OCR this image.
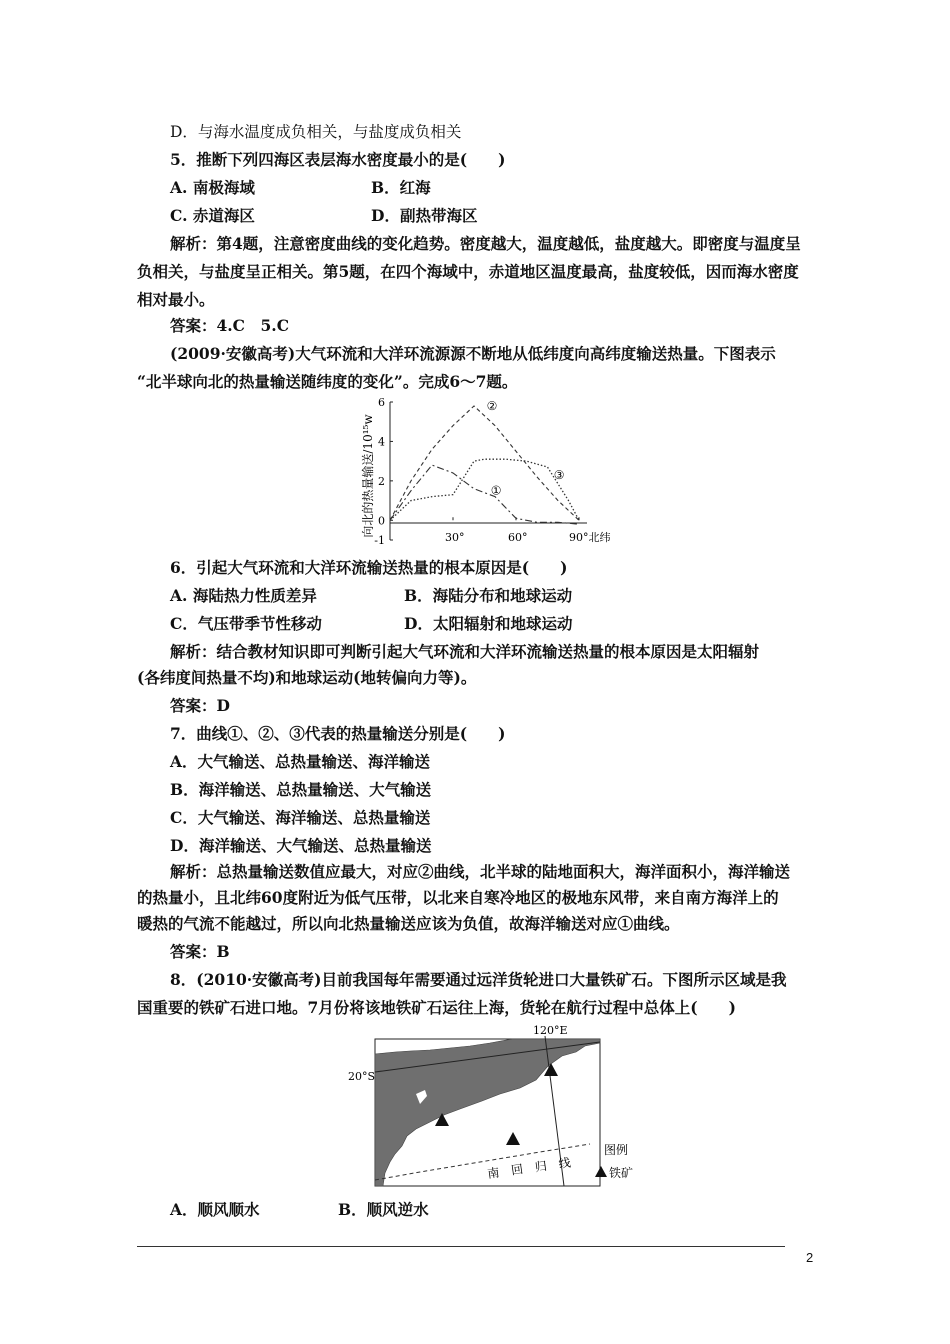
D．与海水温度成负相关，与盐度成负相关
5．推断下列四海区表层海水密度最小的是(　　)
A. 南极海域	B．红海
C. 赤道海区	D．副热带海区
解析：第4题，注意密度曲线的变化趋势。密度越大，温度越低，盐度越大。即密度与温度呈
负相关，与盐度呈正相关。第5题，在四个海域中，赤道地区温度最高，盐度较低，因而海水密度
相对最小。
答案：4.C　5.C
(2009·安徽高考)大气环流和大洋环流源源不断地从低纬度向高纬度输送热量。下图表示
“北半球向北的热量输送随纬度的变化”。完成6～7题。
向北的热量输送/10¹⁵w
6
4
2
0
-1	30°	60°	90°北纬
①
②
③
6．引起大气环流和大洋环流输送热量的根本原因是(　　)
A. 海陆热力性质差异	B．海陆分布和地球运动
C．气压带季节性移动	D．太阳辐射和地球运动
解析：结合教材知识即可判断引起大气环流和大洋环流输送热量的根本原因是太阳辐射
(各纬度间热量不均)和地球运动(地转偏向力等)。
答案：D
7．曲线①、②、③代表的热量输送分别是(　　)
A．大气输送、总热量输送、海洋输送
B．海洋输送、总热量输送、大气输送
C．大气输送、海洋输送、总热量输送
D．海洋输送、大气输送、总热量输送
解析：总热量输送数值应最大，对应②曲线，北半球的陆地面积大，海洋面积小，海洋输送
的热量小，且北纬60度附近为低气压带，以北来自寒冷地区的极地东风带，来自南方海洋上的
暖热的气流不能越过，所以向北热量输送应该为负值，故海洋输送对应①曲线。
答案：B
8．(2010·安徽高考)目前我国每年需要通过远洋货轮进口大量铁矿石。下图所示区域是我
国重要的铁矿石进口地。7月份将该地铁矿石运往上海，货轮在航行过程中总体上(　　)
120°E
20°S
南　回　归　线
图例
铁矿
A．顺风顺水	B．顺风逆水
2
